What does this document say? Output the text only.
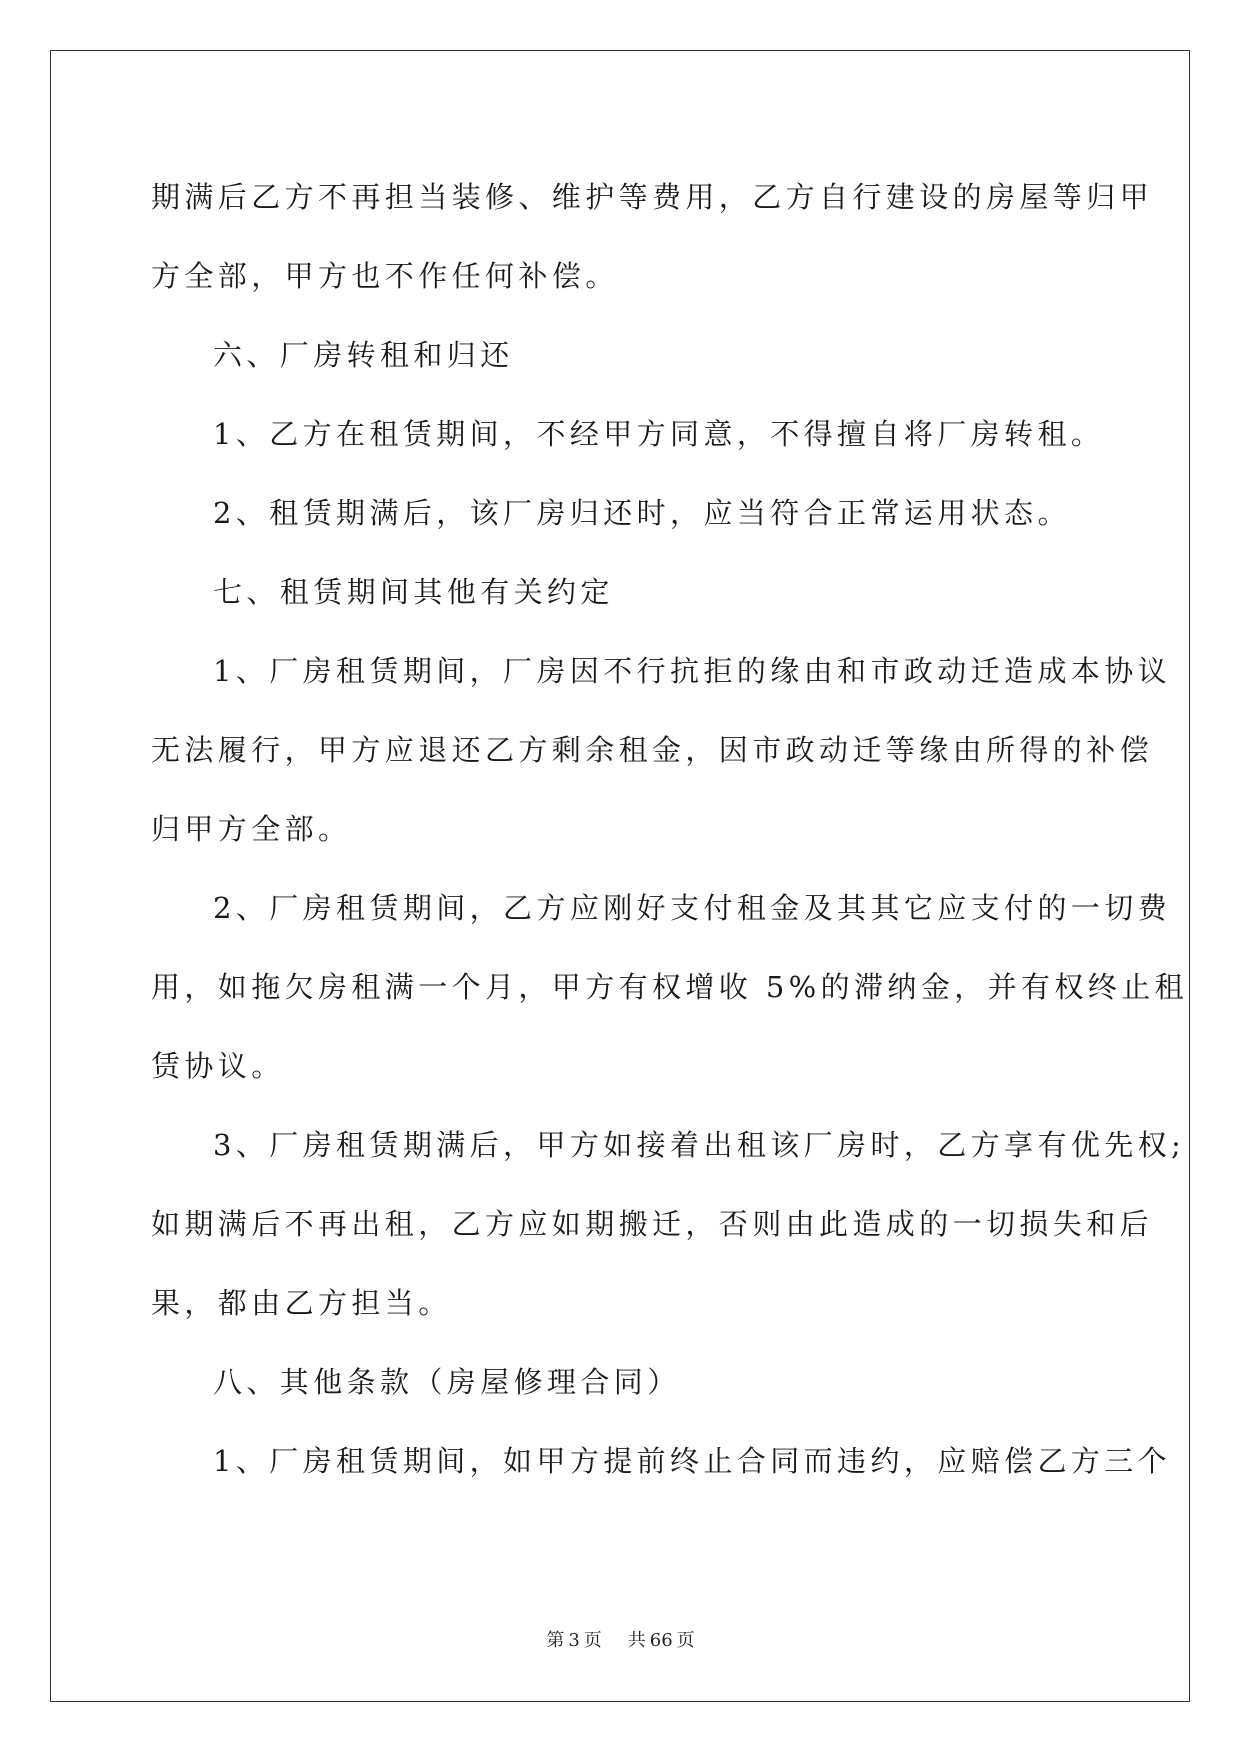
期满后乙方不再担当装修、维护等费用，乙方自行建设的房屋等归甲

方全部，甲方也不作任何补偿。

六、厂房转租和归还

1、乙方在租赁期间，不经甲方同意，不得擅自将厂房转租。

2、租赁期满后，该厂房归还时，应当符合正常运用状态。

七、租赁期间其他有关约定

1、厂房租赁期间，厂房因不行抗拒的缘由和市政动迁造成本协议

无法履行，甲方应退还乙方剩余租金，因市政动迁等缘由所得的补偿

归甲方全部。

2、厂房租赁期间，乙方应刚好支付租金及其其它应支付的一切费

用，如拖欠房租满一个月，甲方有权增收 5%的滞纳金，并有权终止租

赁协议。

3、厂房租赁期满后，甲方如接着出租该厂房时，乙方享有优先权;

如期满后不再出租，乙方应如期搬迁，否则由此造成的一切损失和后

果，都由乙方担当。

八、其他条款（房屋修理合同）

1、厂房租赁期间，如甲方提前终止合同而违约，应赔偿乙方三个

第 3 页 共 66 页
